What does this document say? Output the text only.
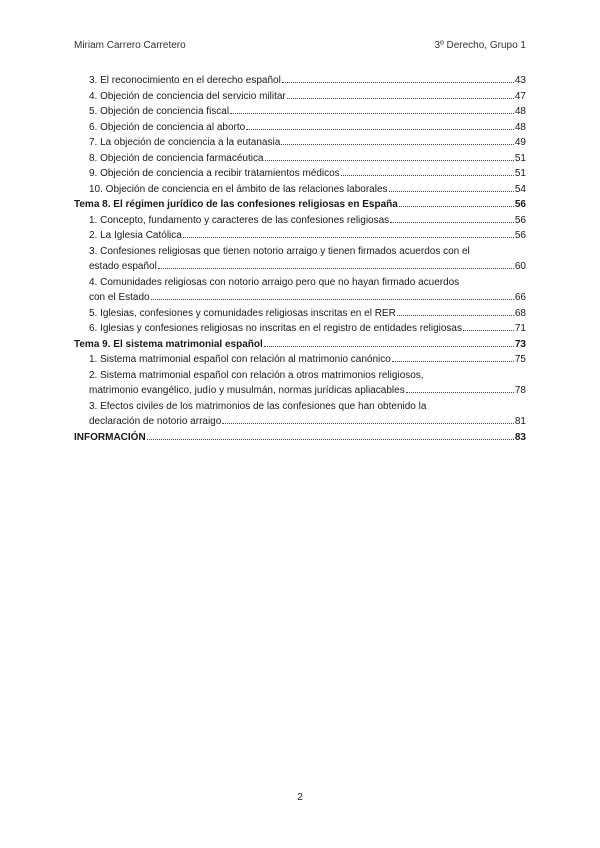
Miriam Carrero Carretero	3º Derecho, Grupo 1
3. El reconocimiento en el derecho español	43
4. Objeción de conciencia del servicio militar	47
5. Objeción de conciencia fiscal	48
6. Objeción de conciencia al aborto	48
7. La objeción de conciencia a la eutanasia	49
8. Objeción de conciencia farmacéutica	51
9. Objeción de conciencia a recibir tratamientos médicos	51
10. Objeción de conciencia en el ámbito de las relaciones laborales	54
Tema 8. El régimen jurídico de las confesiones religiosas en España	56
1. Concepto, fundamento y caracteres de las confesiones religiosas	56
2. La Iglesia Católica	56
3. Confesiones religiosas que tienen notorio arraigo y tienen firmados acuerdos con el
estado español	60
4. Comunidades religiosas con notorio arraigo pero que no hayan firmado acuerdos
con el Estado	66
5. Iglesias, confesiones y comunidades religiosas inscritas en el RER	68
6. Iglesias y confesiones religiosas no inscritas en el registro de entidades religiosas	71
Tema 9. El sistema matrimonial español	73
1. Sistema matrimonial español con relación al matrimonio canónico	75
2. Sistema matrimonial español con relación a otros matrimonios religiosos,
matrimonio evangélico, judío y musulmán, normas jurídicas apliacables	78
3. Efectos civiles de los matrimonios de las confesiones que han obtenido la
declaración de notorio arraigo	81
INFORMACIÓN	83
2
